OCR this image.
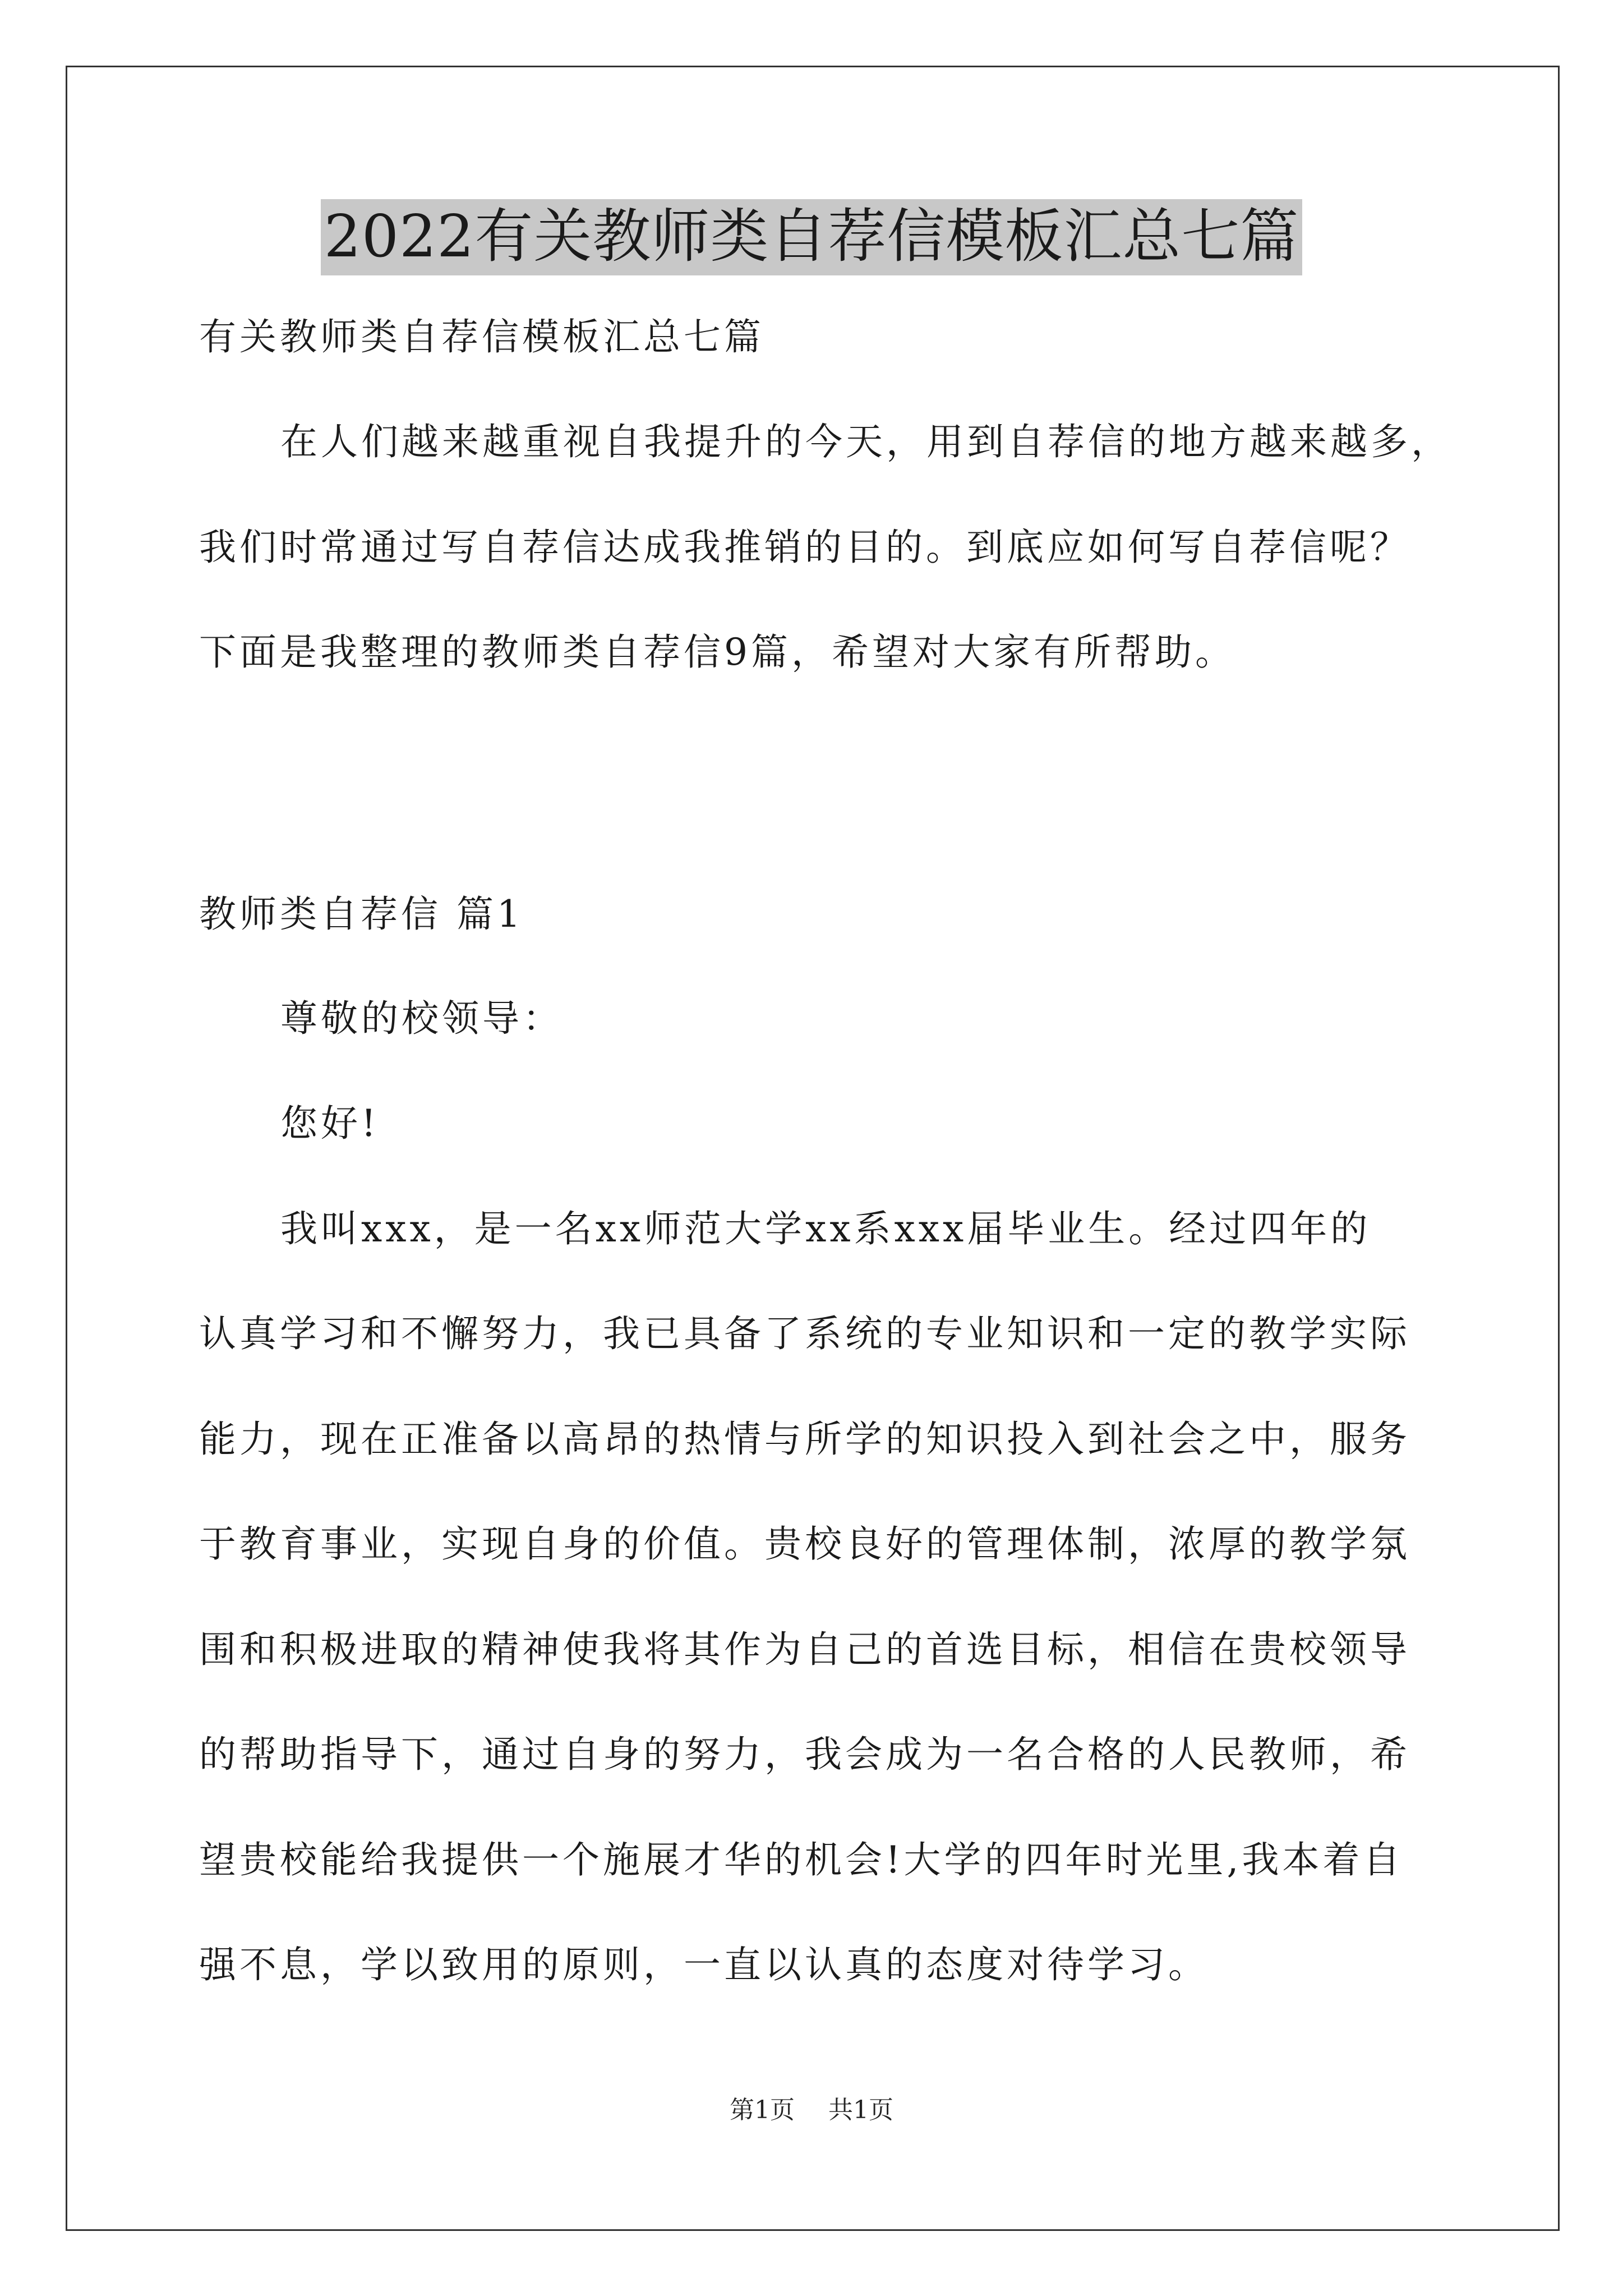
2022有关教师类自荐信模板汇总七篇
有关教师类自荐信模板汇总七篇
在人们越来越重视自我提升的今天，用到自荐信的地方越来越多，
我们时常通过写自荐信达成我推销的目的。到底应如何写自荐信呢？
下面是我整理的教师类自荐信9篇，希望对大家有所帮助。
教师类自荐信 篇1
尊敬的校领导：
您好!
我叫xxx，是一名xx师范大学xx系xxx届毕业生。经过四年的
认真学习和不懈努力，我已具备了系统的专业知识和一定的教学实际
能力，现在正准备以高昂的热情与所学的知识投入到社会之中，服务
于教育事业，实现自身的价值。贵校良好的管理体制，浓厚的教学氛
围和积极进取的精神使我将其作为自己的首选目标，相信在贵校领导
的帮助指导下，通过自身的努力，我会成为一名合格的人民教师，希
望贵校能给我提供一个施展才华的机会!大学的四年时光里,我本着自
强不息，学以致用的原则，一直以认真的态度对待学习。
第1页 共1页
